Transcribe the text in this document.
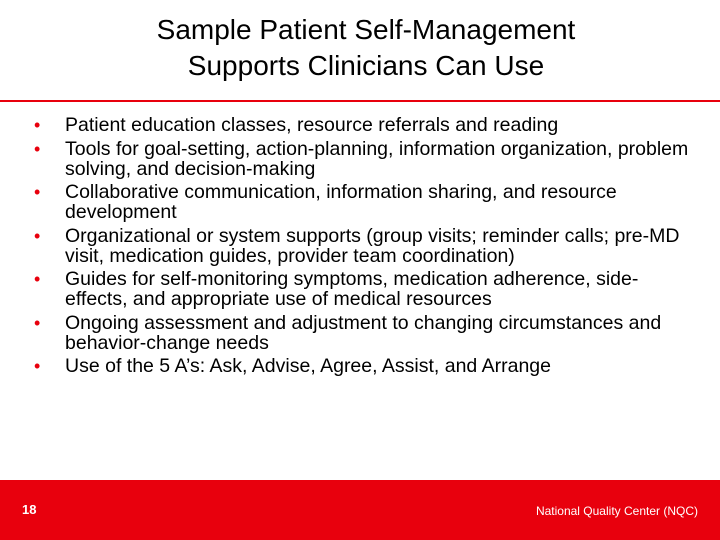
Sample Patient Self-Management
Supports Clinicians Can Use
• Patient education classes, resource referrals and reading
• Tools for goal-setting, action-planning, information organization, problem solving, and decision-making
• Collaborative communication, information sharing, and resource development
• Organizational or system supports (group visits; reminder calls; pre-MD visit, medication guides, provider team coordination)
• Guides for self-monitoring symptoms, medication adherence, side-effects, and appropriate use of medical resources
• Ongoing assessment and adjustment to changing circumstances and behavior-change needs
• Use of the 5 A’s: Ask, Advise, Agree, Assist, and Arrange
18	National Quality Center (NQC)
